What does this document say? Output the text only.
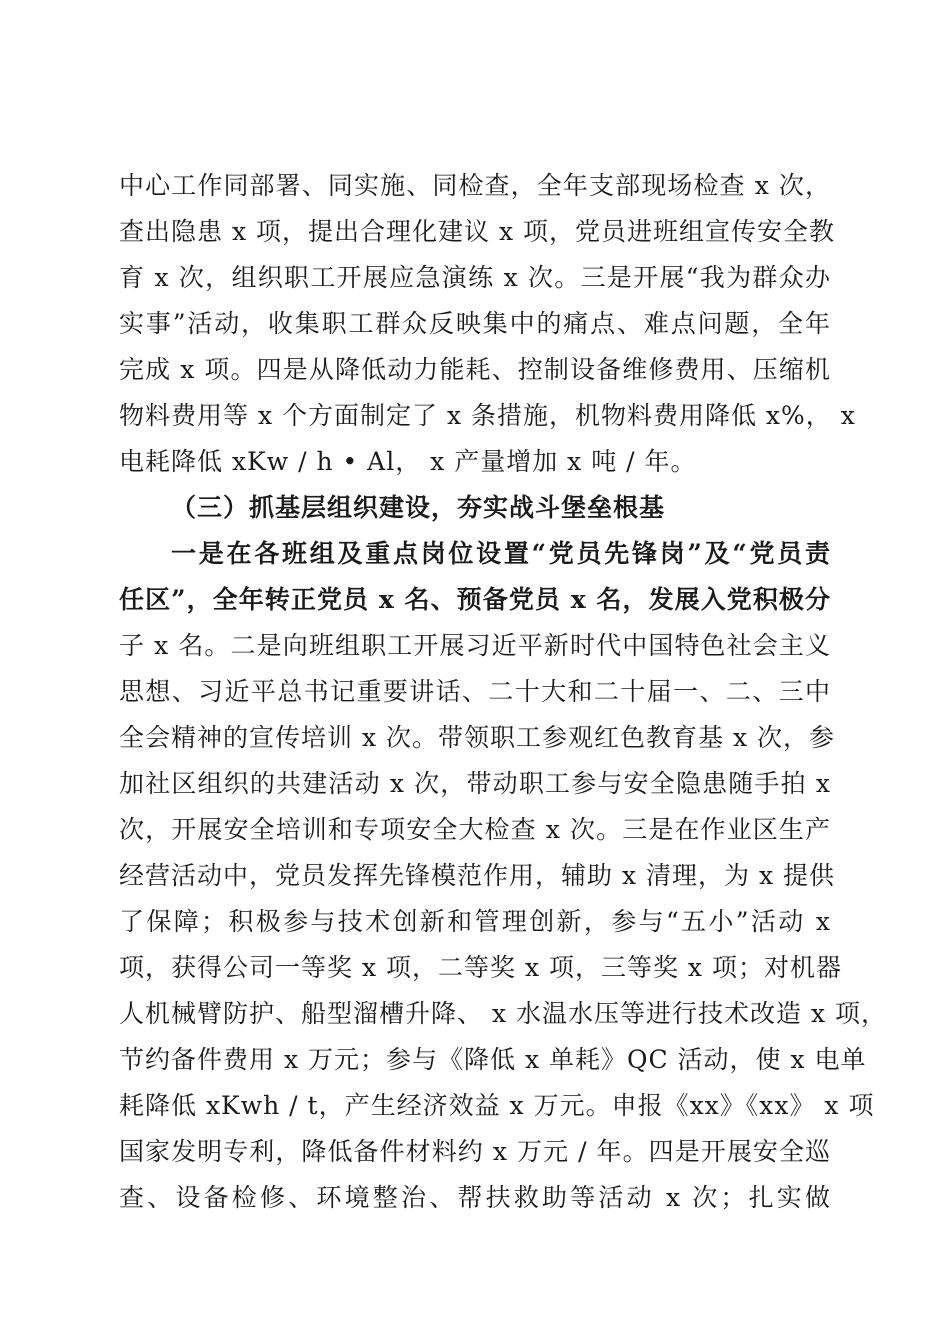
中心工作同部署、同实施、同检查，全年支部现场检查 x 次，
查出隐患 x 项，提出合理化建议 x 项，党员进班组宣传安全教
育 x 次，组织职工开展应急演练 x 次。三是开展“我为群众办
实事”活动，收集职工群众反映集中的痛点、难点问题，全年
完成 x 项。四是从降低动力能耗、控制设备维修费用、压缩机
物料费用等 x 个方面制定了 x 条措施，机物料费用降低 x%， x
电耗降低 xKw / h • Al， x 产量增加 x 吨 / 年。
（三）抓基层组织建设，夯实战斗堡垒根基
一是在各班组及重点岗位设置“党员先锋岗”及“党员责
任区”，全年转正党员 x 名、预备党员 x 名，发展入党积极分
子 x 名。二是向班组职工开展习近平新时代中国特色社会主义
思想、习近平总书记重要讲话、二十大和二十届一、二、三中
全会精神的宣传培训 x 次。带领职工参观红色教育基 x 次，参
加社区组织的共建活动 x 次，带动职工参与安全隐患随手拍 x
次，开展安全培训和专项安全大检查 x 次。三是在作业区生产
经营活动中，党员发挥先锋模范作用，辅助 x 清理，为 x 提供
了保障；积极参与技术创新和管理创新，参与“五小”活动 x
项，获得公司一等奖 x 项，二等奖 x 项，三等奖 x 项；对机器
人机械臂防护、船型溜槽升降、 x 水温水压等进行技术改造 x 项，
节约备件费用 x 万元；参与《降低 x 单耗》QC 活动，使 x 电单
耗降低 xKwh / t，产生经济效益 x 万元。申报《xx》《xx》 x 项
国家发明专利，降低备件材料约 x 万元 / 年。四是开展安全巡
查、设备检修、环境整治、帮扶救助等活动 x 次；扎实做
